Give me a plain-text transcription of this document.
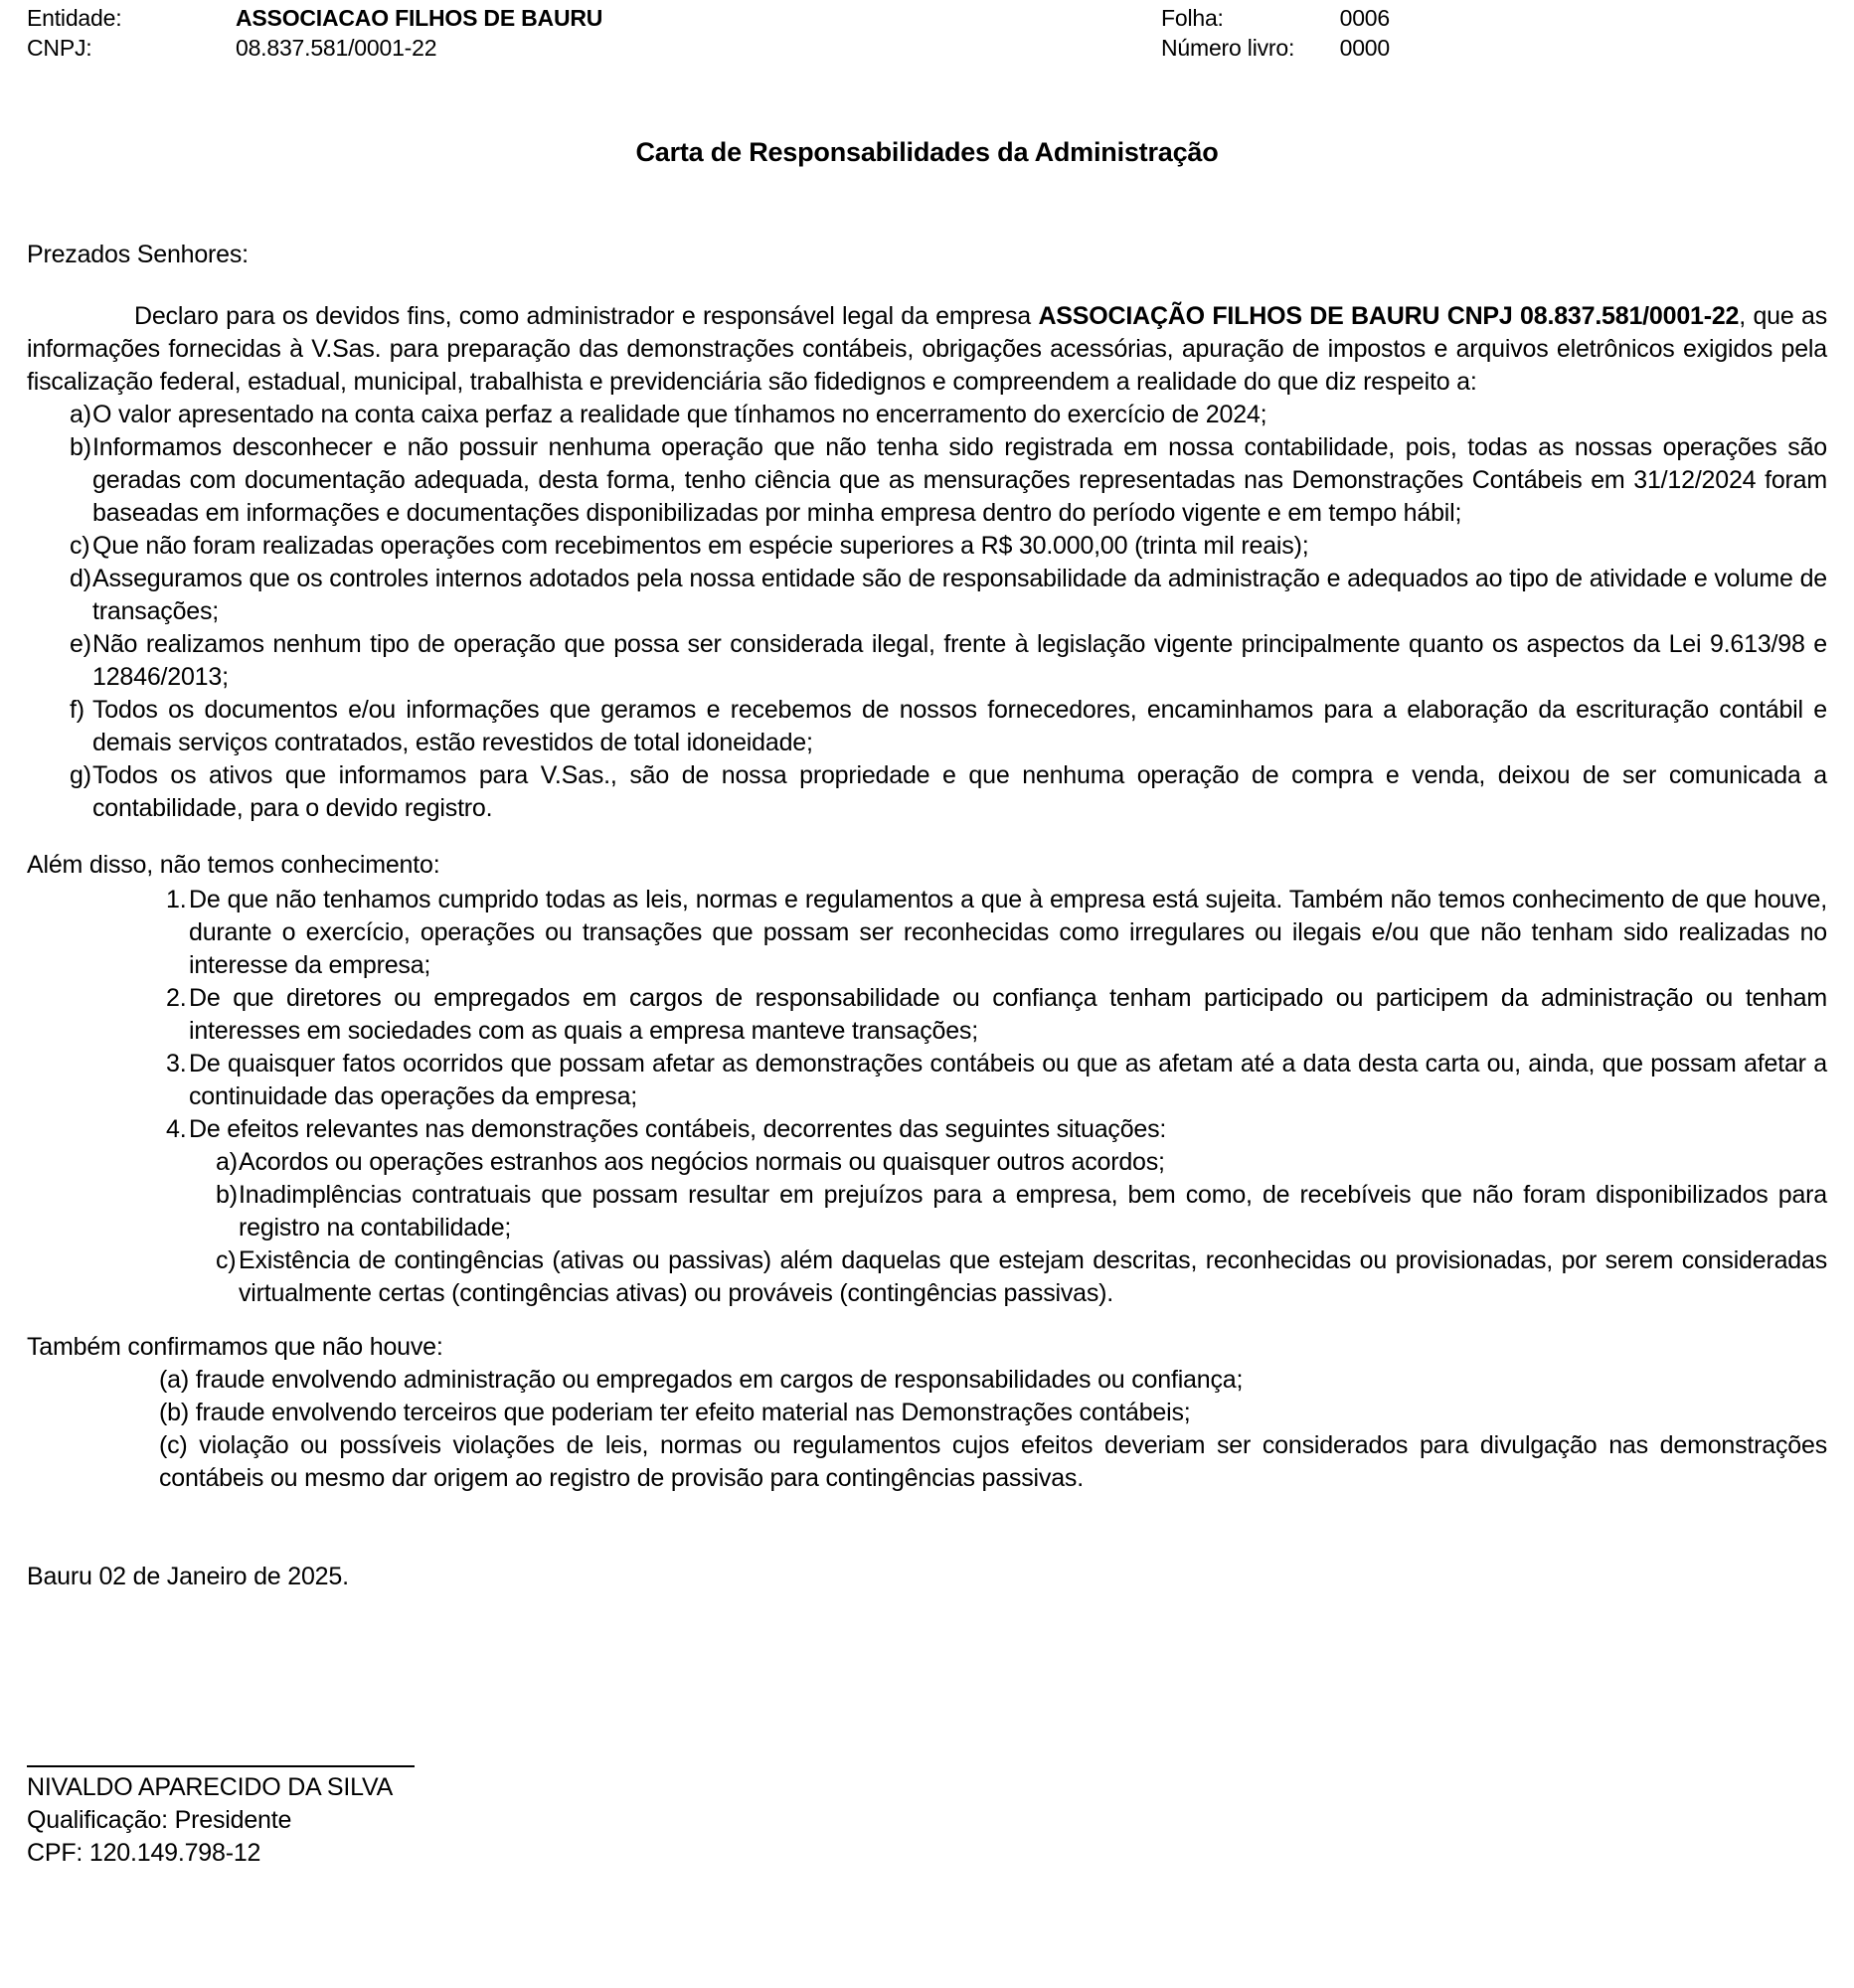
Entidade:	ASSOCIACAO FILHOS DE BAURU
CNPJ:	08.837.581/0001-22
Folha:	0006
Número livro: 0000
Carta de Responsabilidades da Administração

Prezados Senhores:

Declaro para os devidos fins, como administrador e responsável legal da empresa ASSOCIAÇÃO FILHOS DE BAURU CNPJ 08.837.581/0001-22, que as informações fornecidas à V.Sas. para preparação das demonstrações contábeis, obrigações acessórias, apuração de impostos e arquivos eletrônicos exigidos pela fiscalização federal, estadual, municipal, trabalhista e previdenciária são fidedignos e compreendem a realidade do que diz respeito a:

a) O valor apresentado na conta caixa perfaz a realidade que tínhamos no encerramento do exercício de 2024;
b) Informamos desconhecer e não possuir nenhuma operação que não tenha sido registrada em nossa contabilidade, pois, todas as nossas operações são geradas com documentação adequada, desta forma, tenho ciência que as mensurações representadas nas Demonstrações Contábeis em 31/12/2024 foram baseadas em informações e documentações disponibilizadas por minha empresa dentro do período vigente e em tempo hábil;
c) Que não foram realizadas operações com recebimentos em espécie superiores a R$ 30.000,00 (trinta mil reais);
d) Asseguramos que os controles internos adotados pela nossa entidade são de responsabilidade da administração e adequados ao tipo de atividade e volume de transações;
e) Não realizamos nenhum tipo de operação que possa ser considerada ilegal, frente à legislação vigente principalmente quanto os aspectos da Lei 9.613/98 e 12846/2013;
f) Todos os documentos e/ou informações que geramos e recebemos de nossos fornecedores, encaminhamos para a elaboração da escrituração contábil e demais serviços contratados, estão revestidos de total idoneidade;
g) Todos os ativos que informamos para V.Sas., são de nossa propriedade e que nenhuma operação de compra e venda, deixou de ser comunicada a contabilidade, para o devido registro.

Além disso, não temos conhecimento:

1. De que não tenhamos cumprido todas as leis, normas e regulamentos a que à empresa está sujeita. Também não temos conhecimento de que houve, durante o exercício, operações ou transações que possam ser reconhecidas como irregulares ou ilegais e/ou que não tenham sido realizadas no interesse da empresa;
2. De que diretores ou empregados em cargos de responsabilidade ou confiança tenham participado ou participem da administração ou tenham interesses em sociedades com as quais a empresa manteve transações;
3. De quaisquer fatos ocorridos que possam afetar as demonstrações contábeis ou que as afetam até a data desta carta ou, ainda, que possam afetar a continuidade das operações da empresa;
4. De efeitos relevantes nas demonstrações contábeis, decorrentes das seguintes situações:
a) Acordos ou operações estranhos aos negócios normais ou quaisquer outros acordos;
b) Inadimplências contratuais que possam resultar em prejuízos para a empresa, bem como, de recebíveis que não foram disponibilizados para registro na contabilidade;
c) Existência de contingências (ativas ou passivas) além daquelas que estejam descritas, reconhecidas ou provisionadas, por serem consideradas virtualmente certas (contingências ativas) ou prováveis (contingências passivas).

Também confirmamos que não houve:

(a) fraude envolvendo administração ou empregados em cargos de responsabilidades ou confiança;

(b) fraude envolvendo terceiros que poderiam ter efeito material nas Demonstrações contábeis;

(c) violação ou possíveis violações de leis, normas ou regulamentos cujos efeitos deveriam ser considerados para divulgação nas demonstrações contábeis ou mesmo dar origem ao registro de provisão para contingências passivas.

Bauru 02 de Janeiro de 2025.

NIVALDO APARECIDO DA SILVA

Qualificação: Presidente

CPF: 120.149.798-12
